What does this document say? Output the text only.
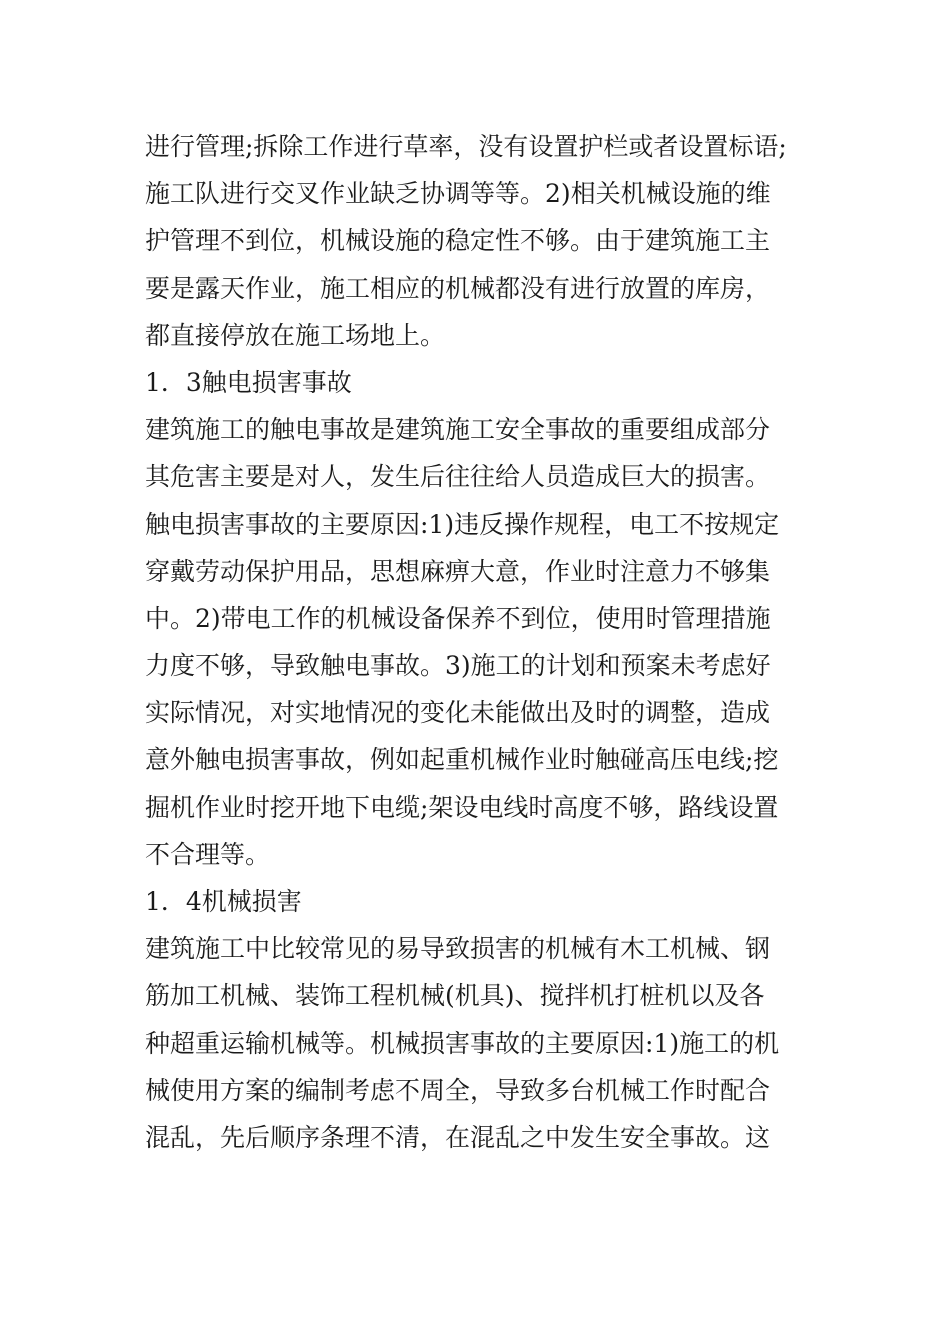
进行管理;拆除工作进行草率，没有设置护栏或者设置标语;
施工队进行交叉作业缺乏协调等等。2)相关机械设施的维
护管理不到位，机械设施的稳定性不够。由于建筑施工主
要是露天作业，施工相应的机械都没有进行放置的库房，
都直接停放在施工场地上。
1．3触电损害事故
建筑施工的触电事故是建筑施工安全事故的重要组成部分
其危害主要是对人，发生后往往给人员造成巨大的损害。
触电损害事故的主要原因:1)违反操作规程，电工不按规定
穿戴劳动保护用品，思想麻痹大意，作业时注意力不够集
中。2)带电工作的机械设备保养不到位，使用时管理措施
力度不够，导致触电事故。3)施工的计划和预案未考虑好
实际情况，对实地情况的变化未能做出及时的调整，造成
意外触电损害事故，例如起重机械作业时触碰高压电线;挖
掘机作业时挖开地下电缆;架设电线时高度不够，路线设置
不合理等。
1．4机械损害
建筑施工中比较常见的易导致损害的机械有木工机械、钢
筋加工机械、装饰工程机械(机具)、搅拌机打桩机以及各
种超重运输机械等。机械损害事故的主要原因:1)施工的机
械使用方案的编制考虑不周全，导致多台机械工作时配合
混乱，先后顺序条理不清，在混乱之中发生安全事故。这
